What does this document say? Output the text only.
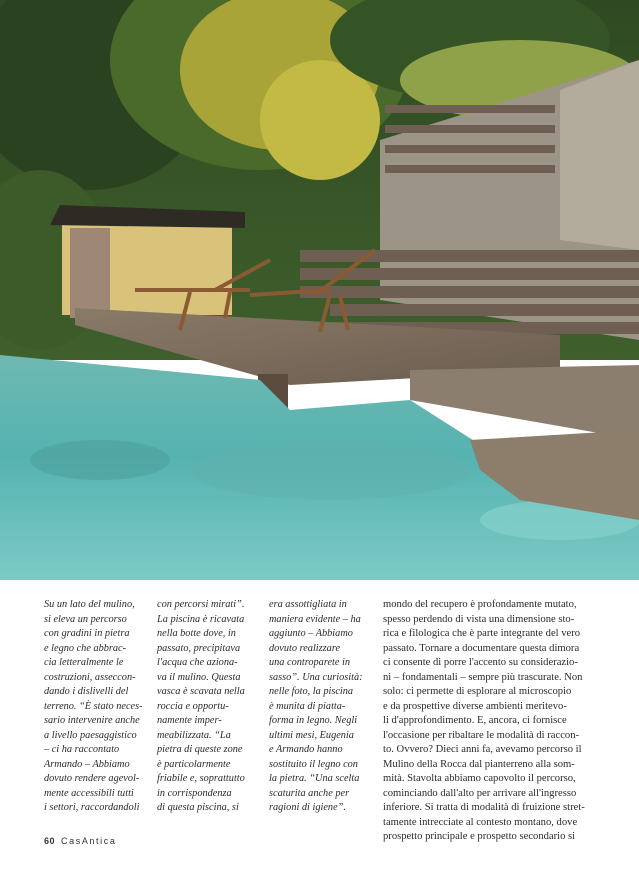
Su un lato del mulino,
si eleva un percorso
con gradini in pietra
e legno che abbrac-
cia letteralmente le
costruzioni, asseccon-
dando i dislivelli del
terreno. “È stato neces-
sario intervenire anche
a livello paesaggistico
– ci ha raccontato
Armando – Abbiamo
dovuto rendere agevol-
mente accessibili tutti
i settori, raccordandoli
con percorsi mirati”.
La piscina è ricavata
nella botte dove, in
passato, precipitava
l'acqua che aziona-
va il mulino. Questa
vasca è scavata nella
roccia e opportu-
namente imper-
meabilizzata. “La
pietra di queste zone
è particolarmente
friabile e, soprattutto
in corrispondenza
di questa piscina, si
era assottigliata in
maniera evidente – ha
aggiunto – Abbiamo
dovuto realizzare
una controparete in
sasso”. Una curiosità:
nelle foto, la piscina
è munita di piatta-
forma in legno. Negli
ultimi mesi, Eugenia
e Armando hanno
sostituito il legno con
la pietra. “Una scelta
scaturita anche per
ragioni di igiene”.
mondo del recupero è profondamente mutato,
spesso perdendo di vista una dimensione sto-
rica e filologica che è parte integrante del vero
passato. Tornare a documentare questa dimora
ci consente di porre l'accento su considerazio-
ni – fondamentali – sempre più trascurate. Non
solo: ci permette di esplorare al microscopio
e da prospettive diverse ambienti meritevo-
li d'approfondimento. E, ancora, ci fornisce
l'occasione per ribaltare le modalità di raccon-
to. Ovvero? Dieci anni fa, avevamo percorso il
Mulino della Rocca dal pianterreno alla som-
mità. Stavolta abbiamo capovolto il percorso,
cominciando dall'alto per arrivare all'ingresso
inferiore. Si tratta di modalità di fruizione stret-
tamente intrecciate al contesto montano, dove
prospetto principale e prospetto secondario si
60 CasAntica
